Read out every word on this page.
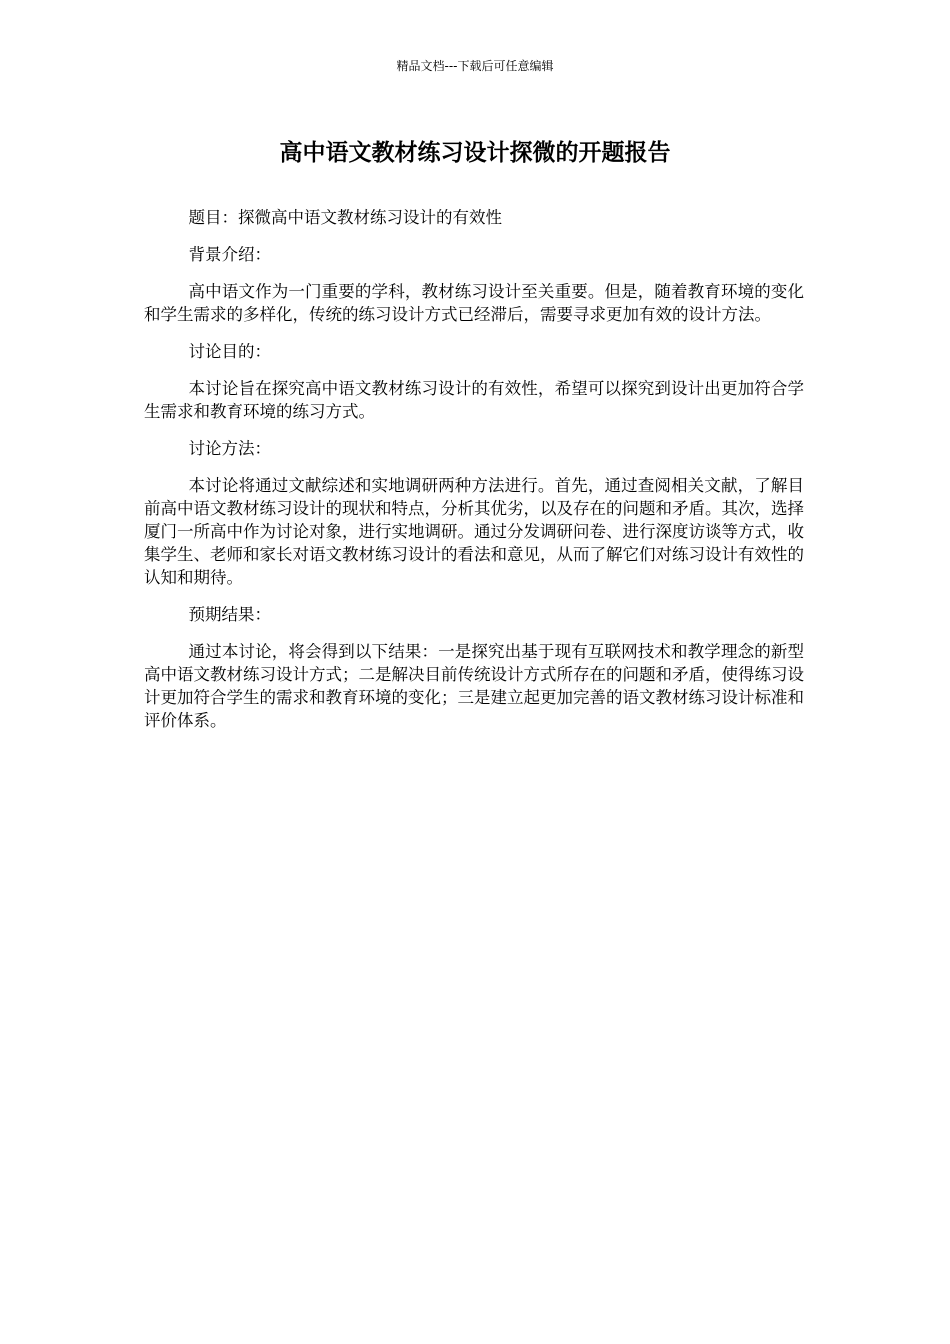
精品文档---下载后可任意编辑
高中语文教材练习设计探微的开题报告

题目：探微高中语文教材练习设计的有效性

背景介绍：

高中语文作为一门重要的学科，教材练习设计至关重要。但是，随着教育环境的变化和学生需求的多样化，传统的练习设计方式已经滞后，需要寻求更加有效的设计方法。

讨论目的：

本讨论旨在探究高中语文教材练习设计的有效性，希望可以探究到设计出更加符合学生需求和教育环境的练习方式。

讨论方法：

本讨论将通过文献综述和实地调研两种方法进行。首先，通过查阅相关文献，了解目前高中语文教材练习设计的现状和特点，分析其优劣，以及存在的问题和矛盾。其次，选择厦门一所高中作为讨论对象，进行实地调研。通过分发调研问卷、进行深度访谈等方式，收集学生、老师和家长对语文教材练习设计的看法和意见，从而了解它们对练习设计有效性的认知和期待。

预期结果：

通过本讨论，将会得到以下结果：一是探究出基于现有互联网技术和教学理念的新型高中语文教材练习设计方式；二是解决目前传统设计方式所存在的问题和矛盾，使得练习设计更加符合学生的需求和教育环境的变化；三是建立起更加完善的语文教材练习设计标准和评价体系。
